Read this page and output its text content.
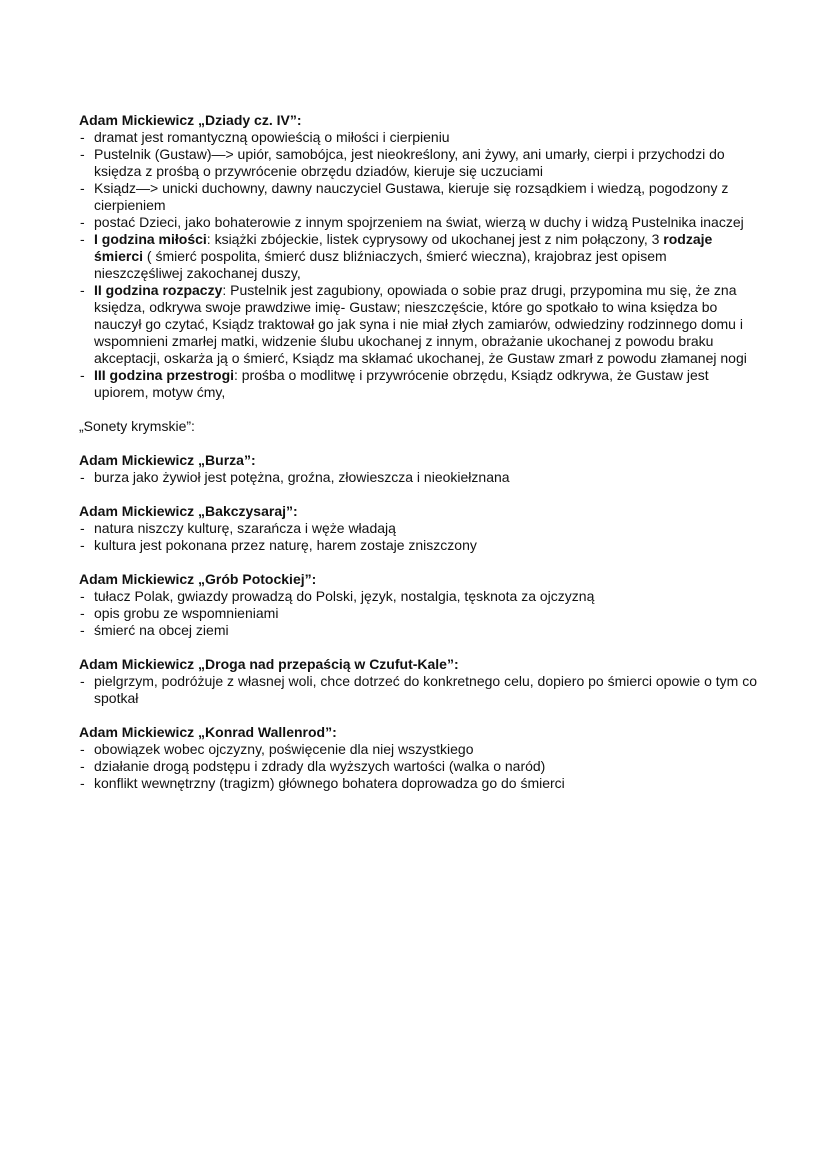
Adam Mickiewicz „Dziady cz. IV”:

- dramat jest romantyczną opowieścią o miłości i cierpieniu
- Pustelnik (Gustaw)—> upiór, samobójca, jest nieokreślony, ani żywy, ani umarły, cierpi i przychodzi do księdza z prośbą o przywrócenie obrzędu dziadów, kieruje się uczuciami
- Ksiądz—> unicki duchowny, dawny nauczyciel Gustawa, kieruje się rozsądkiem i wiedzą, pogodzony z cierpieniem
- postać Dzieci, jako bohaterowie z innym spojrzeniem na świat, wierzą w duchy i widzą Pustelnika inaczej
- I godzina miłości: książki zbójeckie, listek cyprysowy od ukochanej jest z nim połączony, 3 rodzaje śmierci ( śmierć pospolita, śmierć dusz bliźniaczych, śmierć wieczna), krajobraz jest opisem nieszczęśliwej zakochanej duszy,
- II godzina rozpaczy: Pustelnik jest zagubiony, opowiada o sobie praz drugi, przypomina mu się, że zna księdza, odkrywa swoje prawdziwe imię- Gustaw; nieszczęście, które go spotkało to wina księdza bo nauczył go czytać, Ksiądz traktował go jak syna i nie miał złych zamiarów, odwiedziny rodzinnego domu i wspomnieni zmarłej matki, widzenie ślubu ukochanej z innym, obrażanie ukochanej z powodu braku akceptacji, oskarża ją o śmierć, Ksiądz ma skłamać ukochanej, że Gustaw zmarł z powodu złamanej nogi
- III godzina przestrogi: prośba o modlitwę i przywrócenie obrzędu, Ksiądz odkrywa, że Gustaw jest upiorem, motyw ćmy,

„Sonety krymskie”:

Adam Mickiewicz „Burza”:

- burza jako żywioł jest potężna, groźna, złowieszcza i nieokiełznana

Adam Mickiewicz „Bakczysaraj”:

- natura niszczy kulturę, szarańcza i węże władają
- kultura jest pokonana przez naturę, harem zostaje zniszczony

Adam Mickiewicz „Grób Potockiej”:

- tułacz Polak, gwiazdy prowadzą do Polski, język, nostalgia, tęsknota za ojczyzną
- opis grobu ze wspomnieniami
- śmierć na obcej ziemi

Adam Mickiewicz „Droga nad przepaścią w Czufut-Kale”:

- pielgrzym, podróżuje z własnej woli, chce dotrzeć do konkretnego celu, dopiero po śmierci opowie o tym co spotkał

Adam Mickiewicz „Konrad Wallenrod”:

- obowiązek wobec ojczyzny, poświęcenie dla niej wszystkiego
- działanie drogą podstępu i zdrady dla wyższych wartości (walka o naród)
- konflikt wewnętrzny (tragizm) głównego bohatera doprowadza go do śmierci
